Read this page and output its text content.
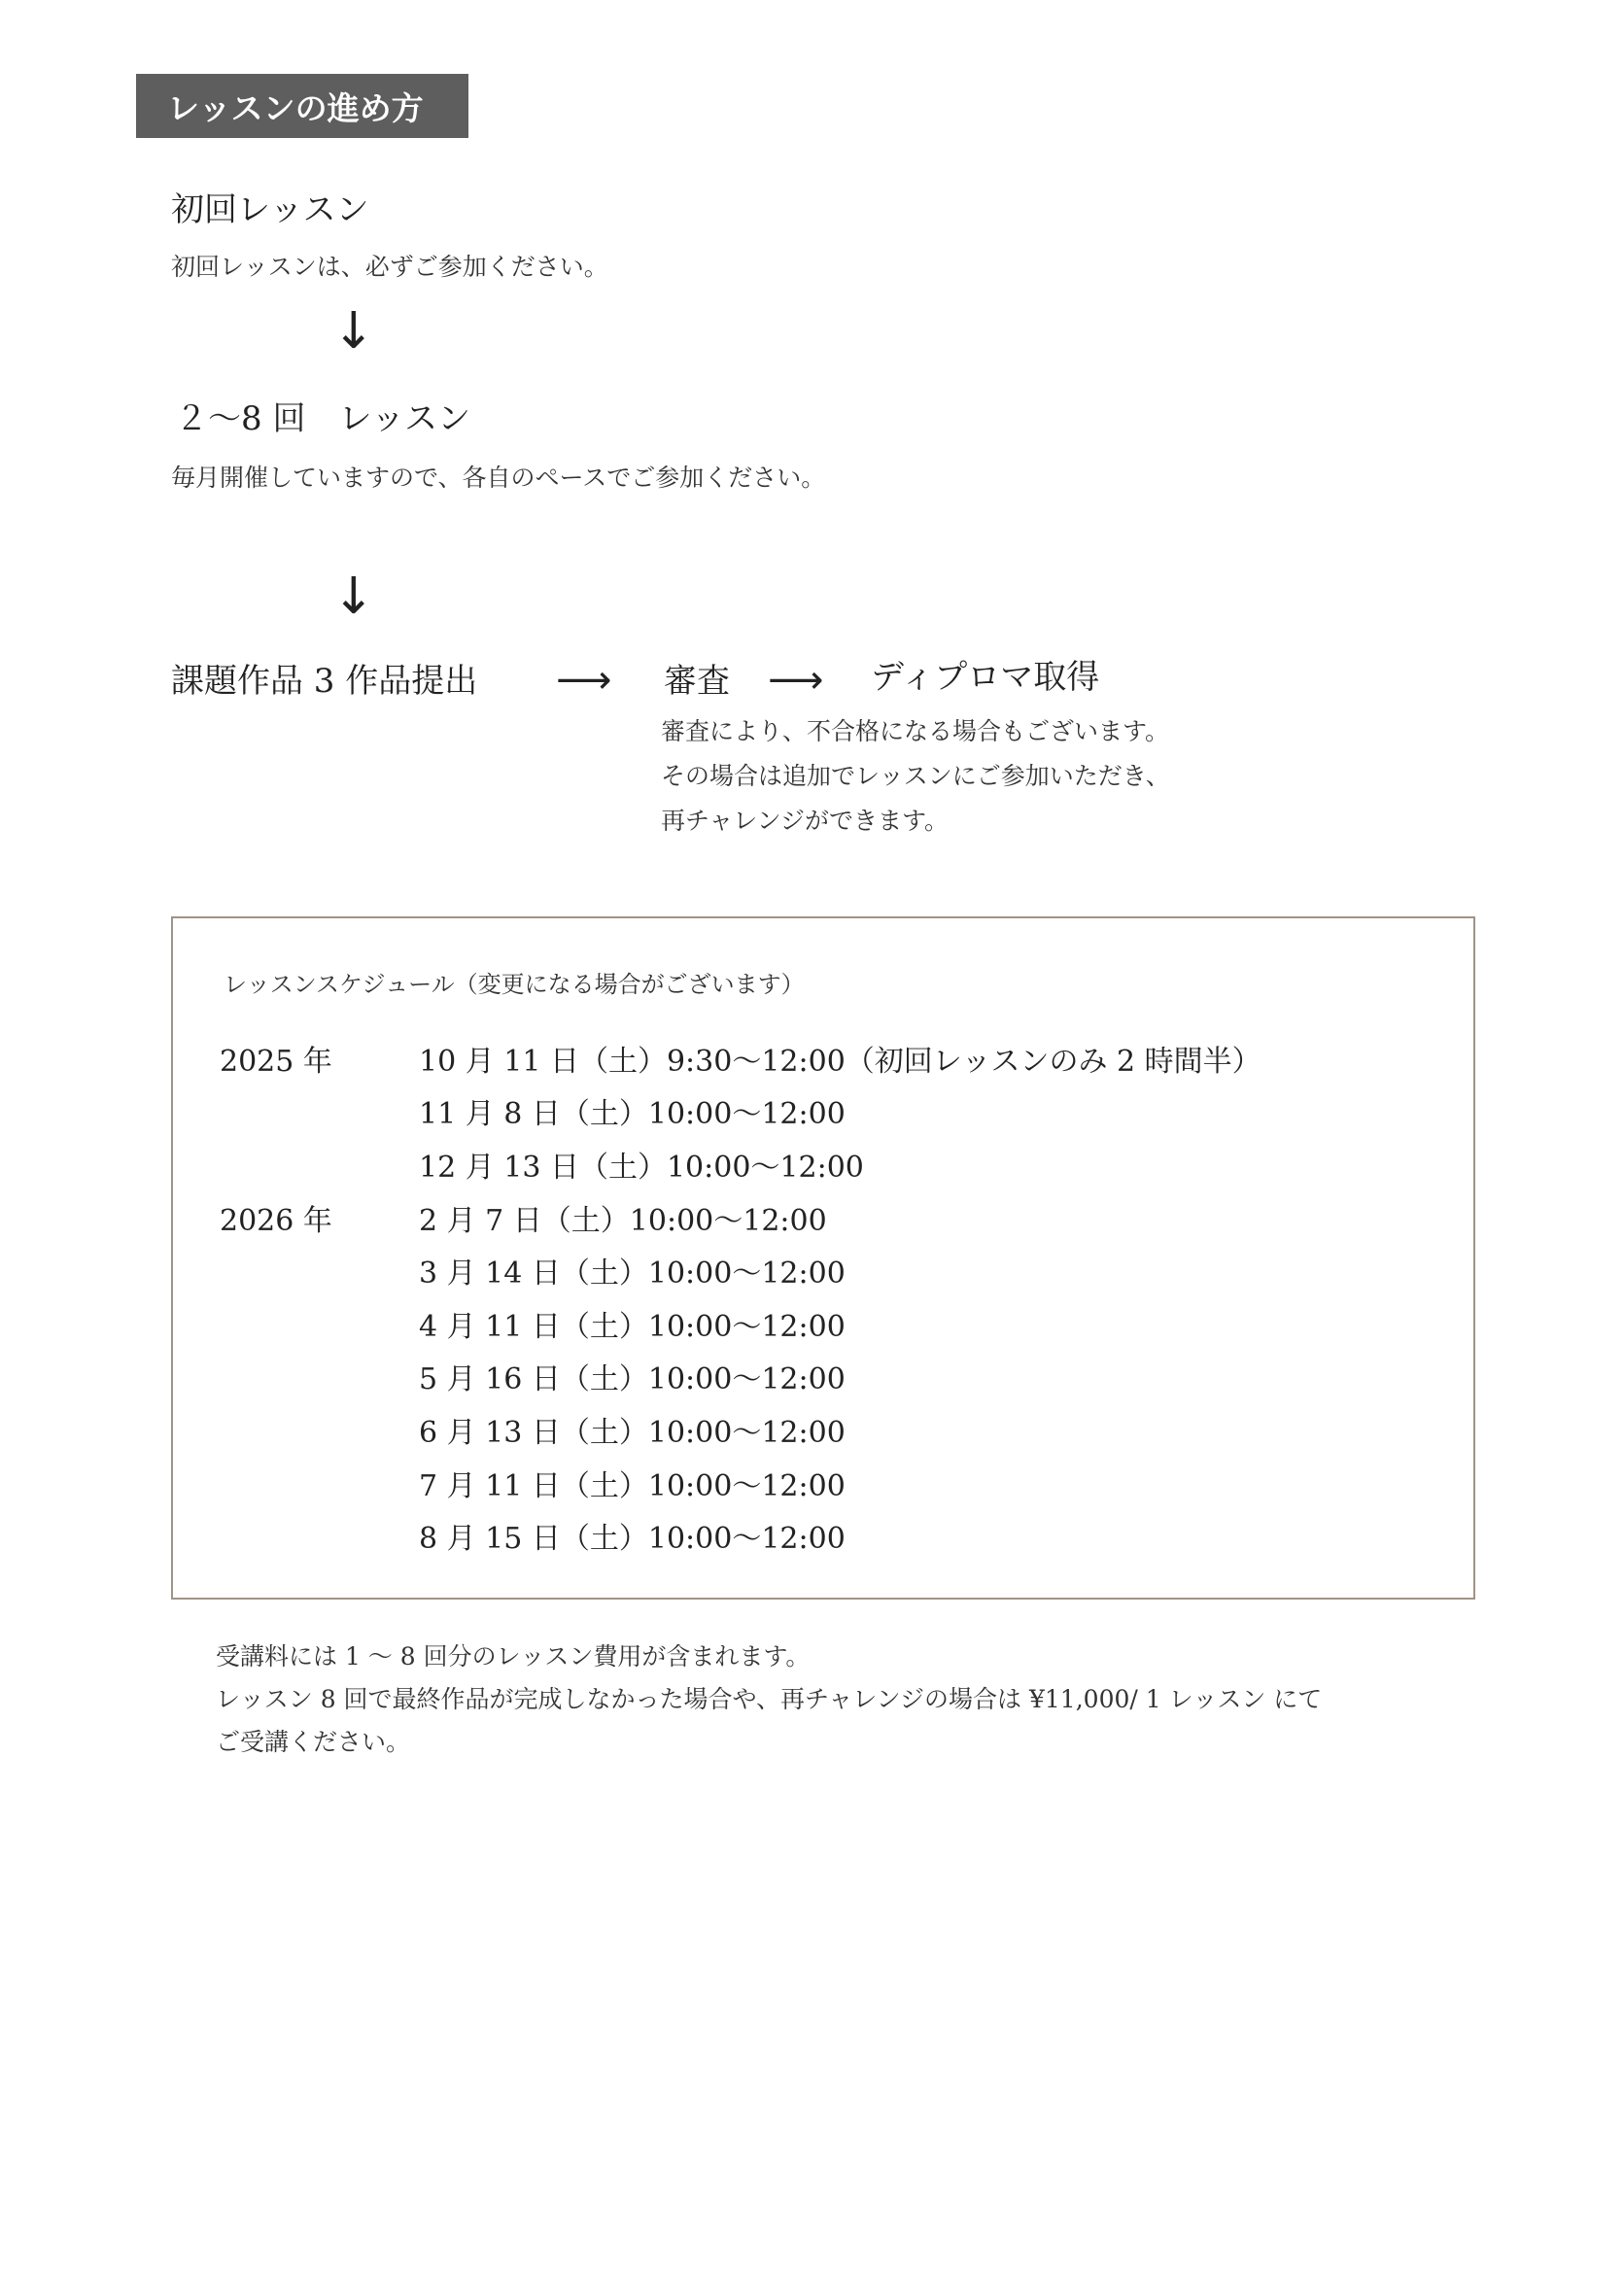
レッスンの進め方
初回レッスン
初回レッスンは、必ずご参加ください。
↓
２～8 回　レッスン
毎月開催していますので、各自のペースでご参加ください。
↓
課題作品 3 作品提出 ⟶ 審査 ⟶ ディプロマ取得
審査により、不合格になる場合もございます。
その場合は追加でレッスンにご参加いただき、
再チャレンジができます。
レッスンスケジュール（変更になる場合がございます）
2025 年	10 月 11 日（土）9:30～12:00（初回レッスンのみ 2 時間半）
11 月 8 日（土）10:00～12:00
12 月 13 日（土）10:00～12:00
2026 年	2 月 7 日（土）10:00～12:00
3 月 14 日（土）10:00～12:00
4 月 11 日（土）10:00～12:00
5 月 16 日（土）10:00～12:00
6 月 13 日（土）10:00～12:00
7 月 11 日（土）10:00～12:00
8 月 15 日（土）10:00～12:00
受講料には 1 ～ 8 回分のレッスン費用が含まれます。
レッスン 8 回で最終作品が完成しなかった場合や、再チャレンジの場合は ¥11,000/ 1 レッスン にて
ご受講ください。
